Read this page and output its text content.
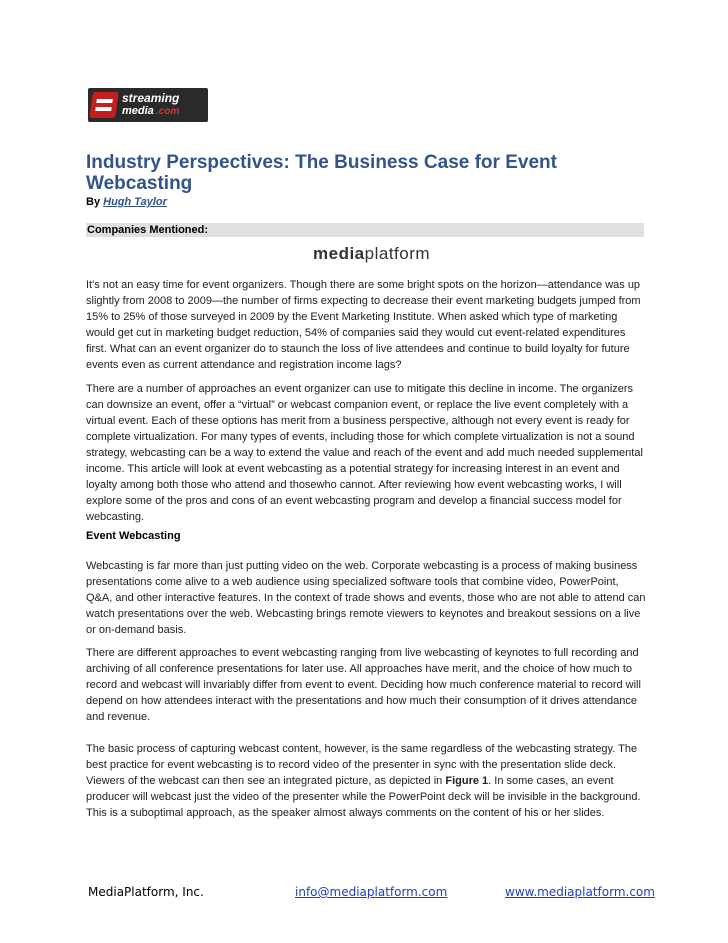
streaming
media .com
Industry Perspectives: The Business Case for Event Webcasting
By Hugh Taylor
Companies Mentioned:
mediaplatform

It's not an easy time for event organizers. Though there are some bright spots on the horizon—attendance was up slightly from 2008 to 2009—the number of firms expecting to decrease their event marketing budgets jumped from 15% to 25% of those surveyed in 2009 by the Event Marketing Institute. When asked which type of marketing would get cut in marketing budget reduction, 54% of companies said they would cut event-related expenditures first. What can an event organizer do to staunch the loss of live attendees and continue to build loyalty for future events even as current attendance and registration income lags?

There are a number of approaches an event organizer can use to mitigate this decline in income. The organizers can downsize an event, offer a “virtual” or webcast companion event, or replace the live event completely with a virtual event. Each of these options has merit from a business perspective, although not every event is ready for complete virtualization. For many types of events, including those for which complete virtualization is not a sound strategy, webcasting can be a way to extend the value and reach of the event and add much needed supplemental income. This article will look at event webcasting as a potential strategy for increasing interest in an event and loyalty among both those who attend and thosewho cannot. After reviewing how event webcasting works, I will explore some of the pros and cons of an event webcasting program and develop a financial success model for webcasting.

Event Webcasting

Webcasting is far more than just putting video on the web. Corporate webcasting is a process of making business presentations come alive to a web audience using specialized software tools that combine video, PowerPoint, Q&A, and other interactive features. In the context of trade shows and events, those who are not able to attend can watch presentations over the web. Webcasting brings remote viewers to keynotes and breakout sessions on a live or on-demand basis.

There are different approaches to event webcasting ranging from live webcasting of keynotes to full recording and archiving of all conference presentations for later use. All approaches have merit, and the choice of how much to record and webcast will invariably differ from event to event. Deciding how much conference material to record will depend on how attendees interact with the presentations and how much their consumption of it drives attendance and revenue.

The basic process of capturing webcast content, however, is the same regardless of the webcasting strategy. The best practice for event webcasting is to record video of the presenter in sync with the presentation slide deck. Viewers of the webcast can then see an integrated picture, as depicted in Figure 1. In some cases, an event producer will webcast just the video of the presenter while the PowerPoint deck will be invisible in the background. This is a suboptimal approach, as the speaker almost always comments on the content of his or her slides.

MediaPlatform, Inc.	info@mediaplatform.com	www.mediaplatform.com
